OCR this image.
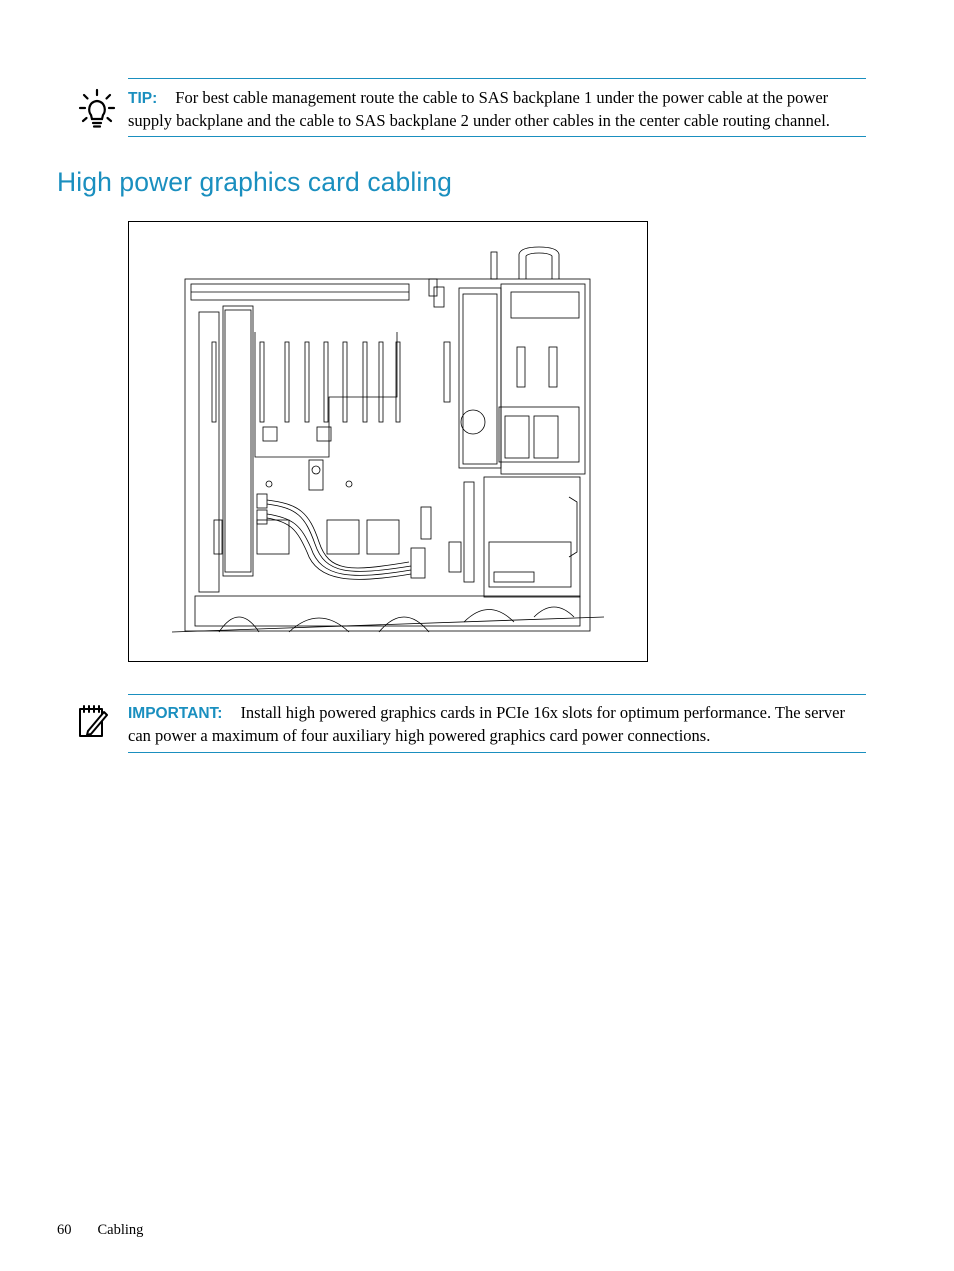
TIP: For best cable management route the cable to SAS backplane 1 under the power cable at the power supply backplane and the cable to SAS backplane 2 under other cables in the center cable routing channel.
High power graphics card cabling
IMPORTANT: Install high powered graphics cards in PCIe 16x slots for optimum performance. The server can power a maximum of four auxiliary high powered graphics card power connections.
60 Cabling
